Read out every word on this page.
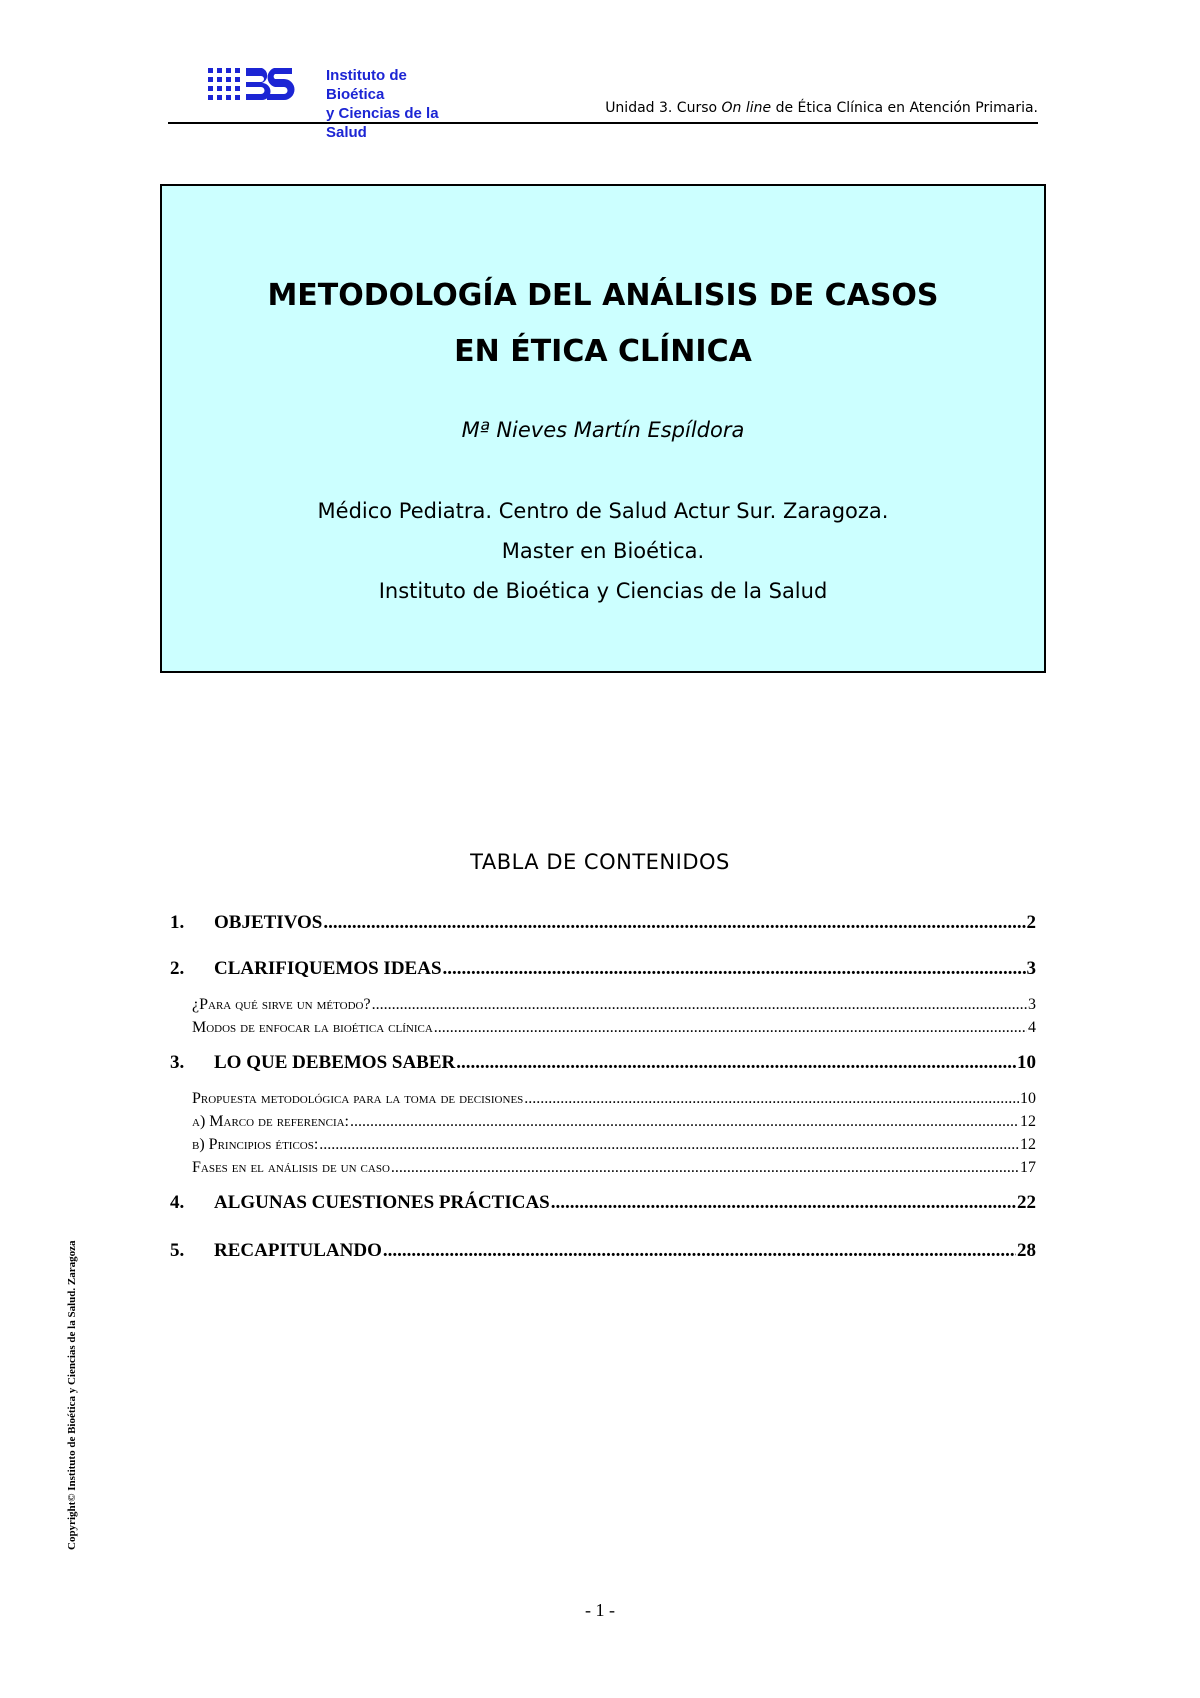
Instituto de Bioética
y Ciencias de la Salud
Unidad 3. Curso On line de Ética Clínica en Atención Primaria.
METODOLOGÍA DEL ANÁLISIS DE CASOS
EN ÉTICA CLÍNICA
Mª Nieves Martín Espíldora
Médico Pediatra. Centro de Salud Actur Sur. Zaragoza.
Master en Bioética.
Instituto de Bioética y Ciencias de la Salud
TABLA DE CONTENIDOS
1.	OBJETIVOS .....	2
2.	CLARIFIQUEMOS IDEAS .....	3
¿Para qué sirve un método? .....	3
Modos de enfocar la bioética clínica .....	4
3.	LO QUE DEBEMOS SABER .....	10
Propuesta metodológica para la toma de decisiones .....	10
a) Marco de referencia: .....	12
b) Principios éticos: .....	12
Fases en el análisis de un caso .....	17
4.	ALGUNAS CUESTIONES PRÁCTICAS .....	22
5.	RECAPITULANDO .....	28
Copyright© Instituto de Bioética y Ciencias de la Salud. Zaragoza
- 1 -
